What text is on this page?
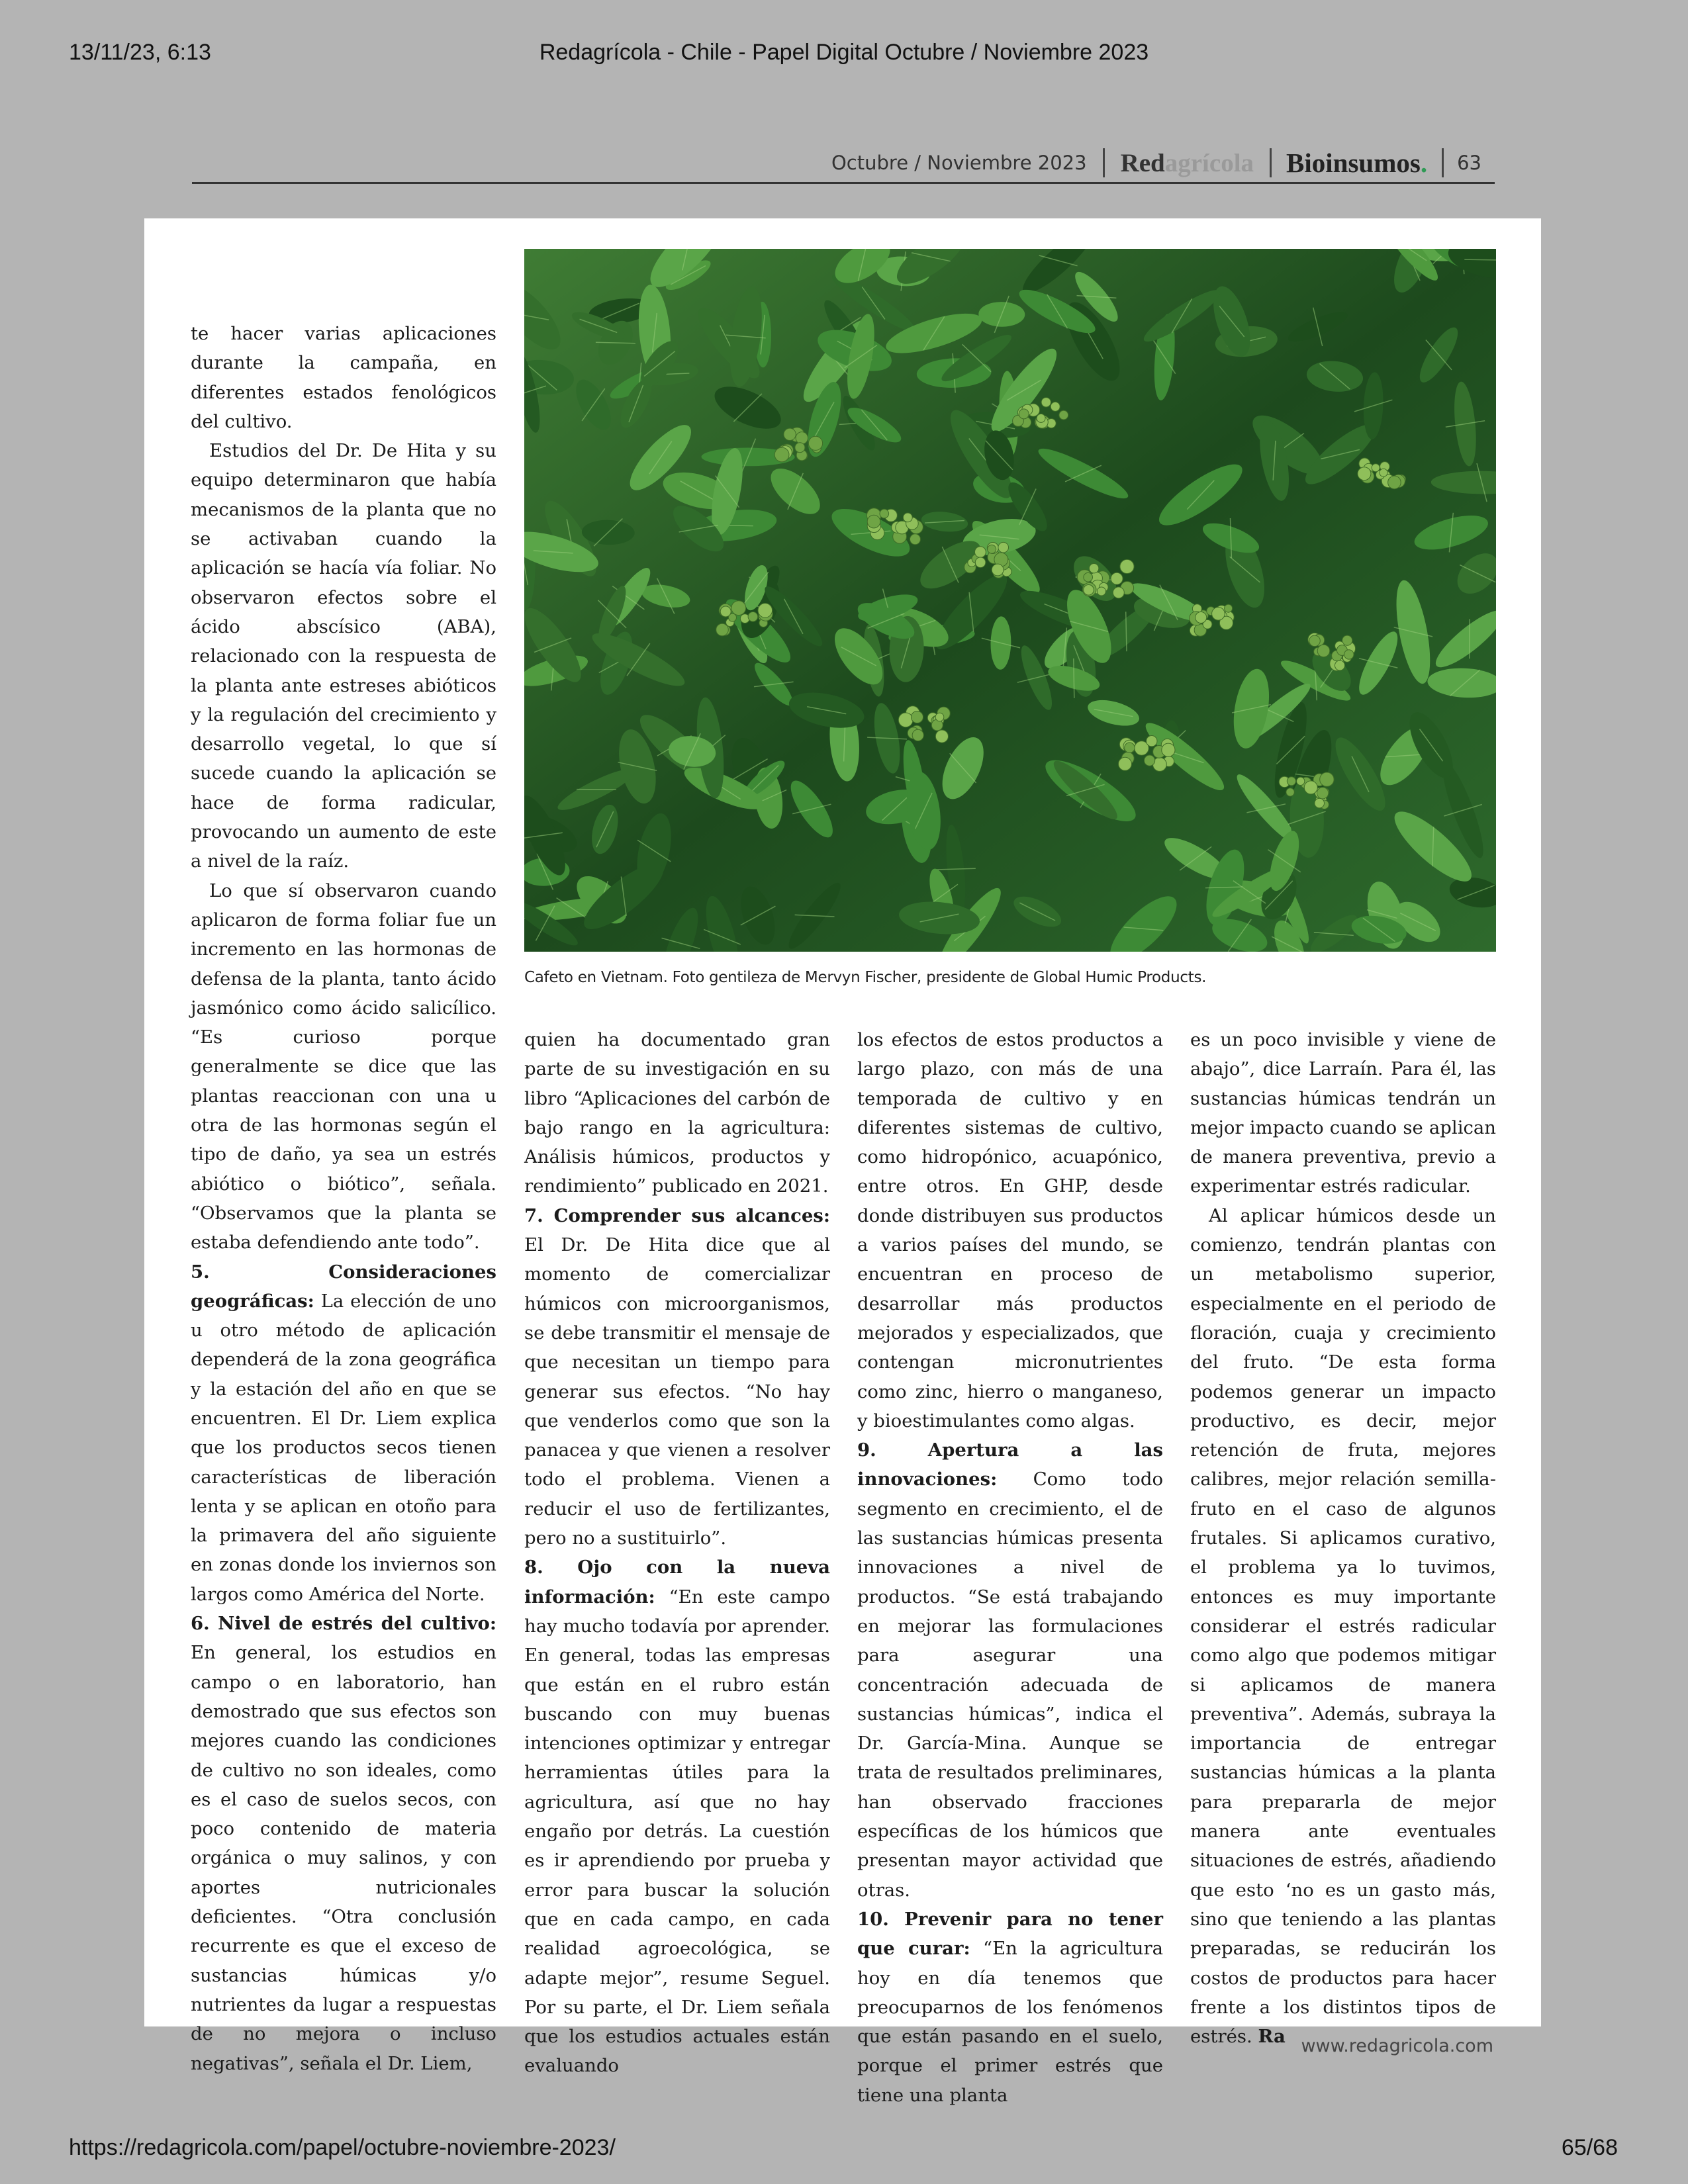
13/11/23, 6:13	Redagrícola - Chile - Papel Digital Octubre / Noviembre 2023
Octubre / Noviembre 2023	Redagrícola	Bioinsumos.	63
Cafeto en Vietnam. Foto gentileza de Mervyn Fischer, presidente de Global Humic Products.

te hacer varias aplicaciones durante la campaña, en diferentes estados fenológicos del cultivo.

Estudios del Dr. De Hita y su equipo determinaron que había mecanismos de la planta que no se activaban cuando la aplicación se hacía vía foliar. No observaron efectos sobre el ácido abscísico (ABA), relacionado con la respuesta de la planta ante estreses abióticos y la regulación del crecimiento y desarrollo vegetal, lo que sí sucede cuando la aplicación se hace de forma radicular, provocando un aumento de este a nivel de la raíz.

Lo que sí observaron cuando aplicaron de forma foliar fue un incremento en las hormonas de defensa de la planta, tanto ácido jasmónico como ácido salicílico. “Es curioso porque generalmente se dice que las plantas reaccionan con una u otra de las hormonas según el tipo de daño, ya sea un estrés abiótico o biótico”, señala. “Observamos que la planta se estaba defendiendo ante todo”.

5. Consideraciones geográficas: La elección de uno u otro método de aplicación dependerá de la zona geográfica y la estación del año en que se encuentren. El Dr. Liem explica que los productos secos tienen características de liberación lenta y se aplican en otoño para la primavera del año siguiente en zonas donde los inviernos son largos como América del Norte.

6. Nivel de estrés del cultivo: En general, los estudios en campo o en laboratorio, han demostrado que sus efectos son mejores cuando las condiciones de cultivo no son ideales, como es el caso de suelos secos, con poco contenido de materia orgánica o muy salinos, y con aportes nutricionales deficientes. “Otra conclusión recurrente es que el exceso de sustancias húmicas y/o nutrientes da lugar a respuestas de no mejora o incluso negativas”, señala el Dr. Liem,

quien ha documentado gran parte de su investigación en su libro “Aplicaciones del carbón de bajo rango en la agricultura: Análisis húmicos, productos y rendimiento” publicado en 2021.

7. Comprender sus alcances: El Dr. De Hita dice que al momento de comercializar húmicos con microorganismos, se debe transmitir el mensaje de que necesitan un tiempo para generar sus efectos. “No hay que venderlos como que son la panacea y que vienen a resolver todo el problema. Vienen a reducir el uso de fertilizantes, pero no a sustituirlo”.

8. Ojo con la nueva información: “En este campo hay mucho todavía por aprender. En general, todas las empresas que están en el rubro están buscando con muy buenas intenciones optimizar y entregar herramientas útiles para la agricultura, así que no hay engaño por detrás. La cuestión es ir aprendiendo por prueba y error para buscar la solución que en cada campo, en cada realidad agroecológica, se adapte mejor”, resume Seguel. Por su parte, el Dr. Liem señala que los estudios actuales están evaluando

los efectos de estos productos a largo plazo, con más de una temporada de cultivo y en diferentes sistemas de cultivo, como hidropónico, acuapónico, entre otros. En GHP, desde donde distribuyen sus productos a varios países del mundo, se encuentran en proceso de desarrollar más productos mejorados y especializados, que contengan micronutrientes como zinc, hierro o manganeso, y bioestimulantes como algas.

9. Apertura a las innovaciones: Como todo segmento en crecimiento, el de las sustancias húmicas presenta innovaciones a nivel de productos. “Se está trabajando en mejorar las formulaciones para asegurar una concentración adecuada de sustancias húmicas”, indica el Dr. García-Mina. Aunque se trata de resultados preliminares, han observado fracciones específicas de los húmicos que presentan mayor actividad que otras.

10. Prevenir para no tener que curar: “En la agricultura hoy en día tenemos que preocuparnos de los fenómenos que están pasando en el suelo, porque el primer estrés que tiene una planta

es un poco invisible y viene de abajo”, dice Larraín. Para él, las sustancias húmicas tendrán un mejor impacto cuando se aplican de manera preventiva, previo a experimentar estrés radicular.

Al aplicar húmicos desde un comienzo, tendrán plantas con un metabolismo superior, especialmente en el periodo de floración, cuaja y crecimiento del fruto. “De esta forma podemos generar un impacto productivo, es decir, mejor retención de fruta, mejores calibres, mejor relación semilla-fruto en el caso de algunos frutales. Si aplicamos curativo, el problema ya lo tuvimos, entonces es muy importante considerar el estrés radicular como algo que podemos mitigar si aplicamos de manera preventiva”. Además, subraya la importancia de entregar sustancias húmicas a la planta para prepararla de mejor manera ante eventuales situaciones de estrés, añadiendo que esto ‘no es un gasto más, sino que teniendo a las plantas preparadas, se reducirán los costos de productos para hacer frente a los distintos tipos de estrés. Ra www.redagricola.com
https://redagricola.com/papel/octubre-noviembre-2023/	65/68
